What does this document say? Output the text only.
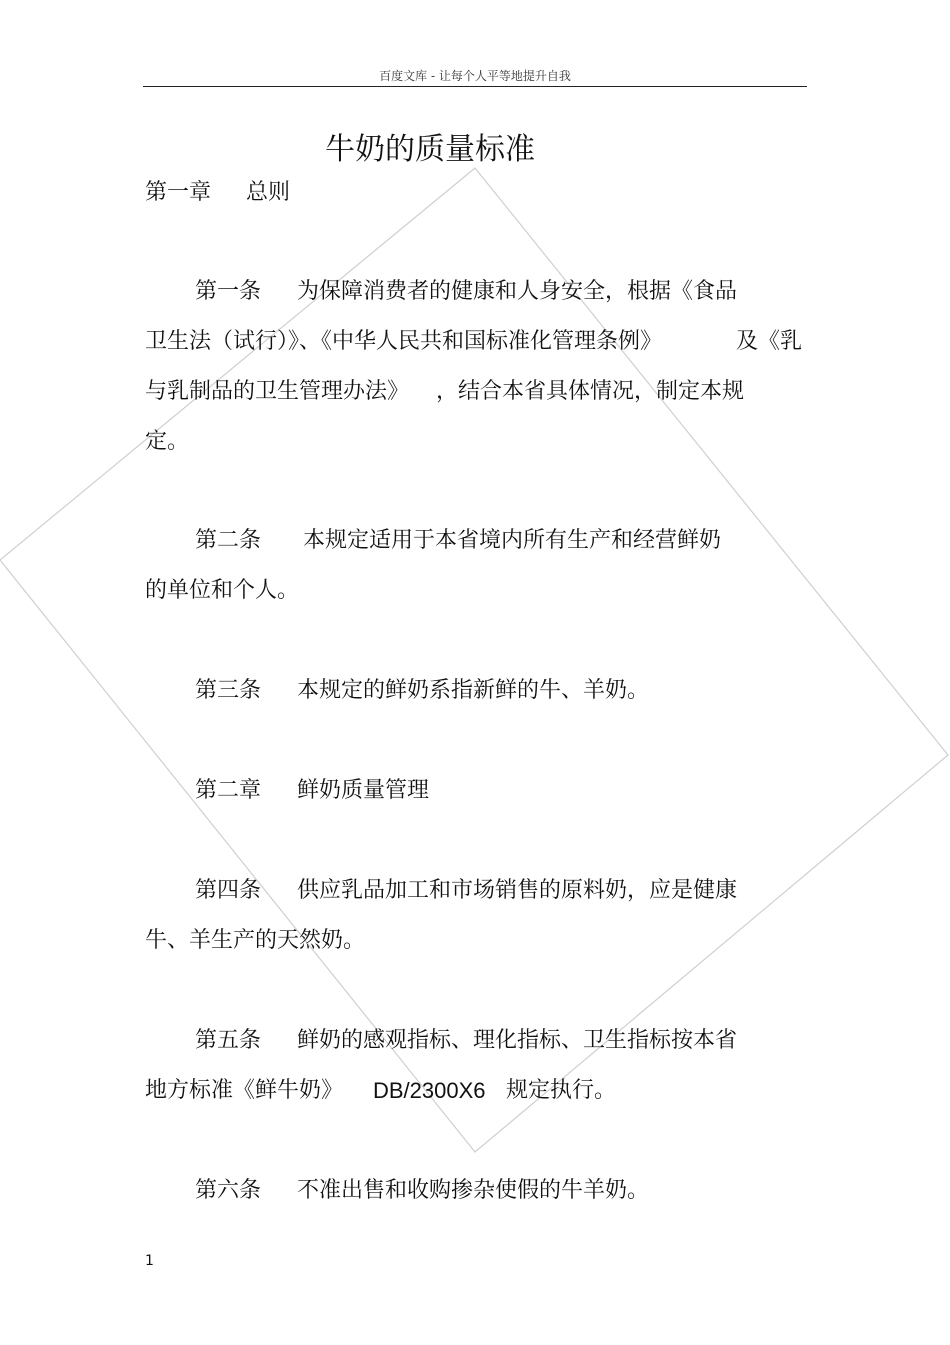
百度文库 - 让每个人平等地提升自我
牛奶的质量标准
第一章 总则
第一条 为保障消费者的健康和人身安全，根据《食品
卫生法（试行）》、《中华人民共和国标准化管理条例》	及《乳
与乳制品的卫生管理办法》 ，结合本省具体情况，制定本规
定。
第二条 本规定适用于本省境内所有生产和经营鲜奶
的单位和个人。
第三条 本规定的鲜奶系指新鲜的牛、羊奶。
第二章 鲜奶质量管理
第四条 供应乳品加工和市场销售的原料奶，应是健康
牛、羊生产的天然奶。
第五条 鲜奶的感观指标、理化指标、卫生指标按本省
地方标准《鲜牛奶》 DB/2300X6 规定执行。
第六条 不准出售和收购掺杂使假的牛羊奶。
1
